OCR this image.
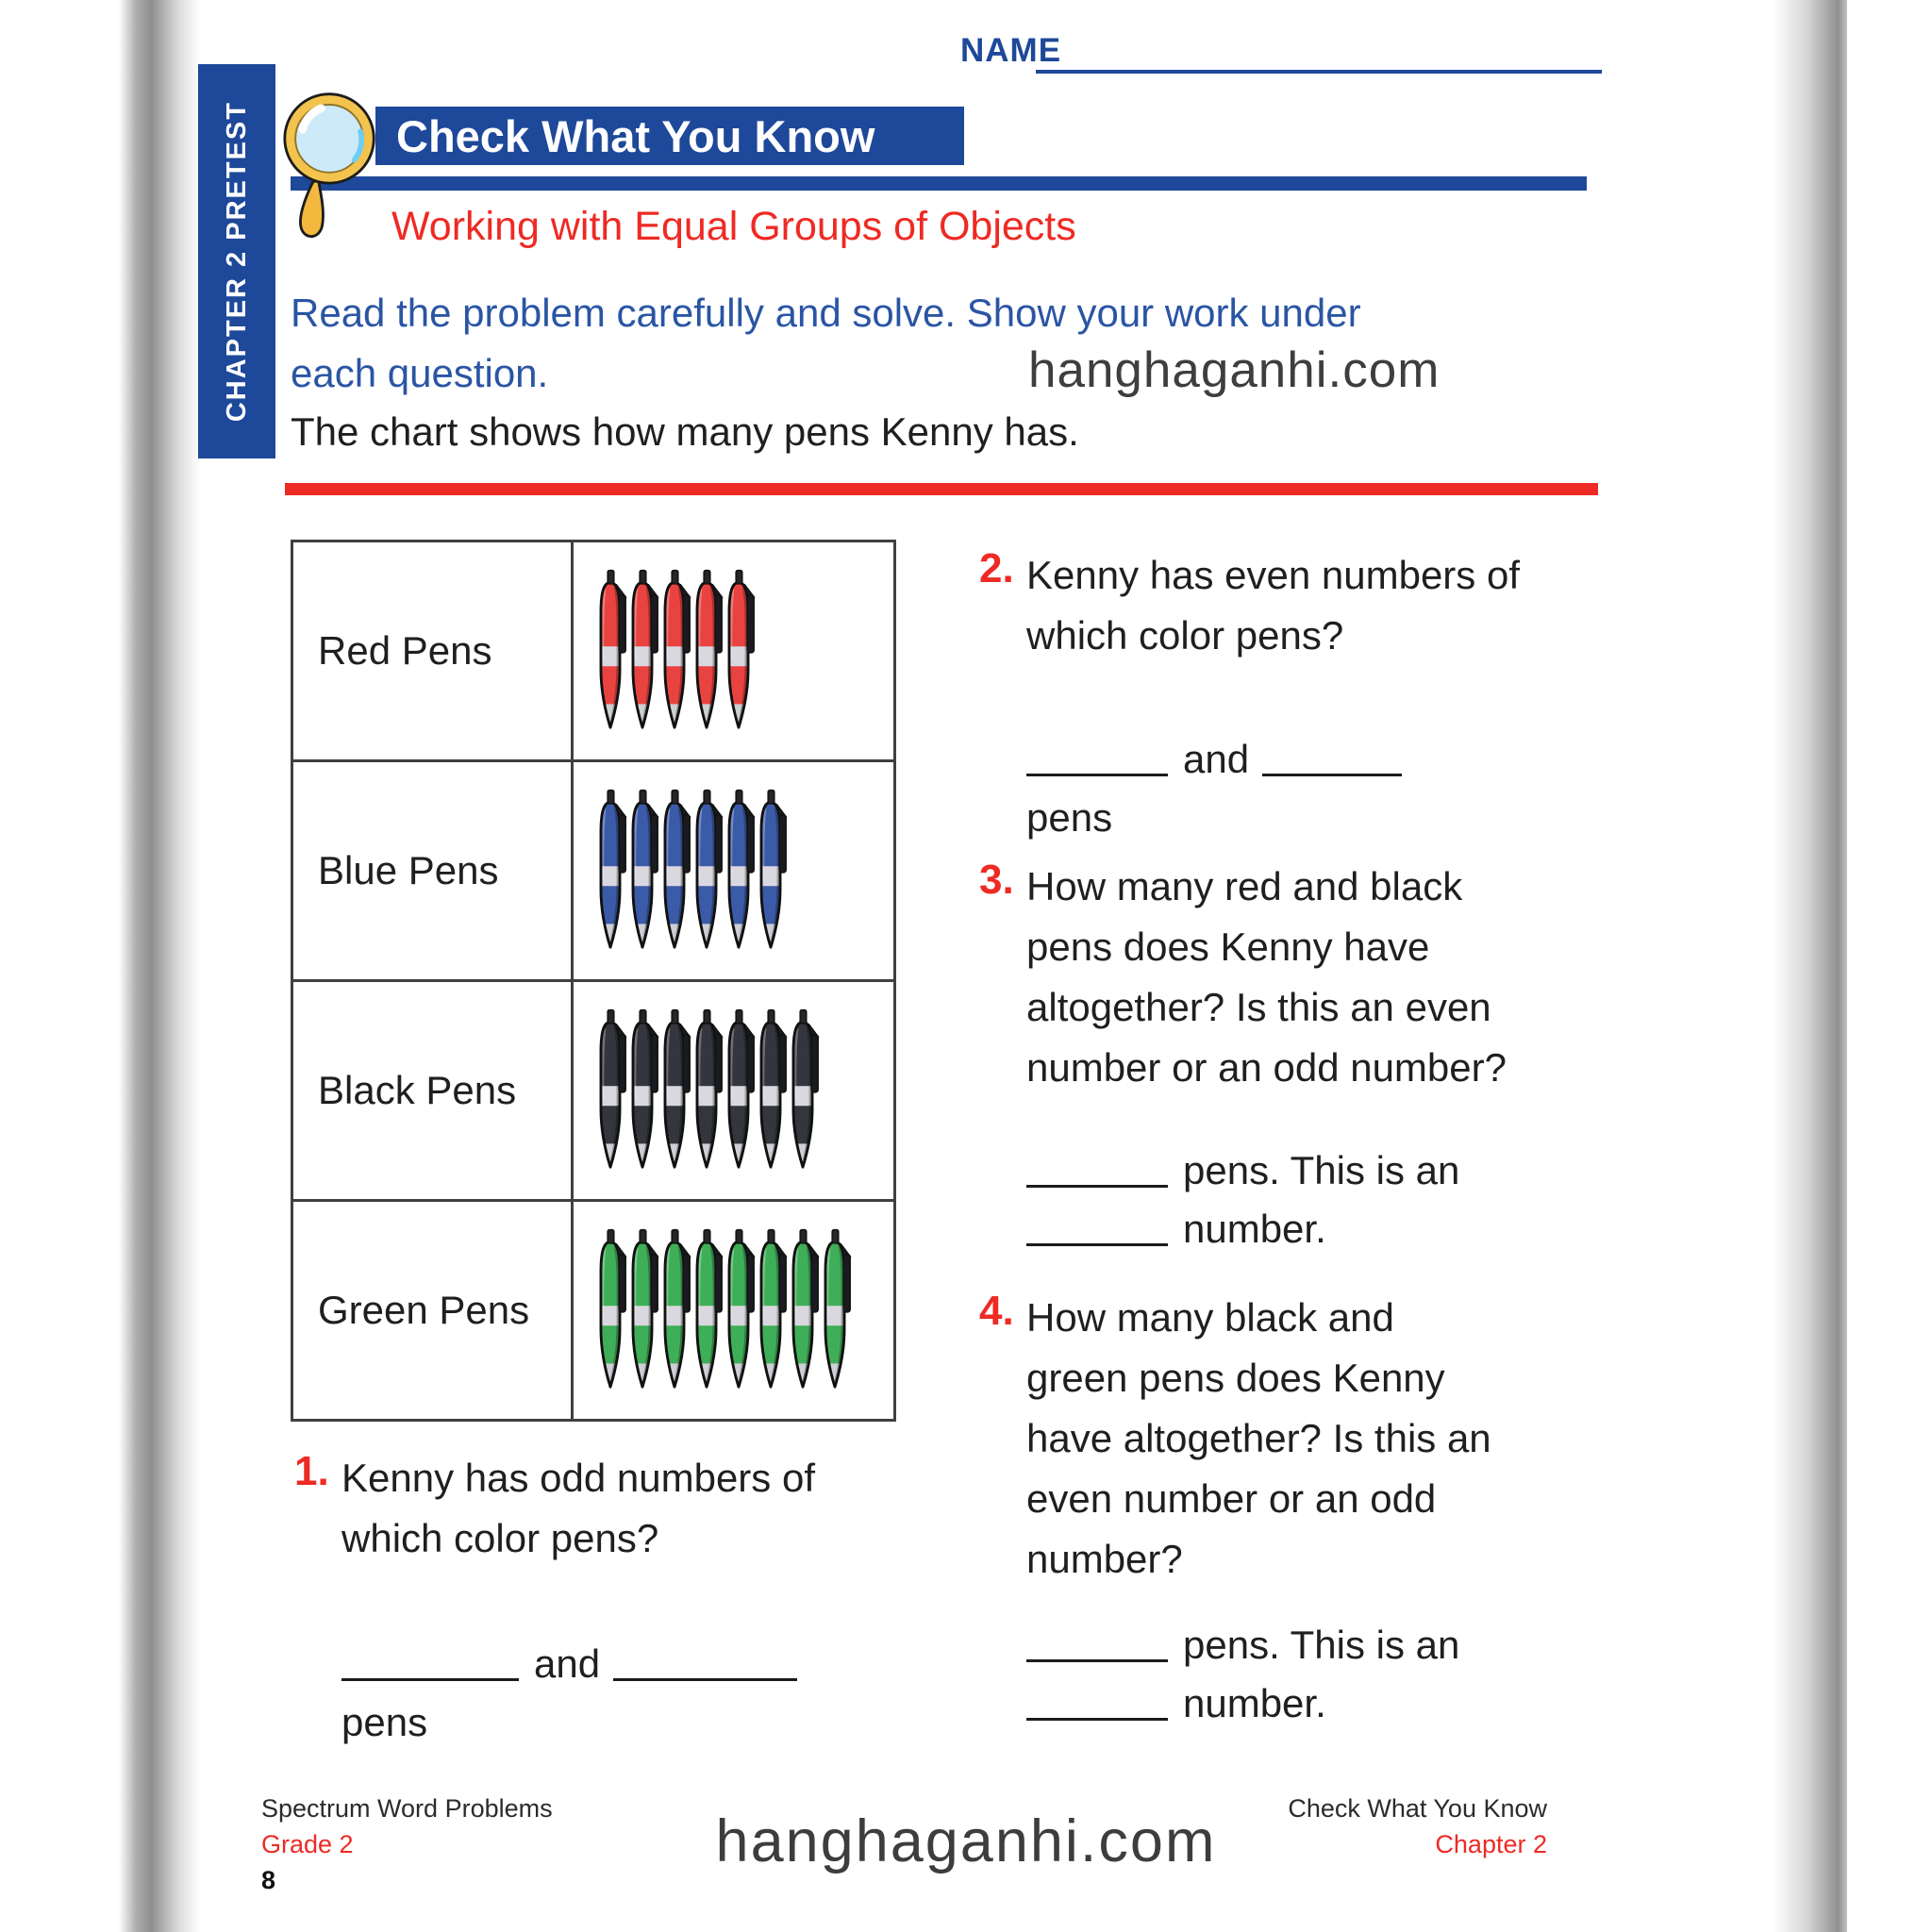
CHAPTER 2 PRETEST
NAME
Check What You Know
Working with Equal Groups of Objects
Read the problem carefully and solve. Show your work under
each question.	hanghaganhi.com
The chart shows how many pens Kenny has.
Red Pens
Blue Pens
Black Pens
Green Pens
1. Kenny has odd numbers of
which color pens?
and
pens
2. Kenny has even numbers of
which color pens?
and
pens
3. How many red and black
pens does Kenny have
altogether? Is this an even
number or an odd number?
pens. This is an
number.
4. How many black and
green pens does Kenny
have altogether? Is this an
even number or an odd
number?
pens. This is an
number.
Spectrum Word Problems
Grade 2
8
hanghaganhi.com	Check What You Know
Chapter 2
